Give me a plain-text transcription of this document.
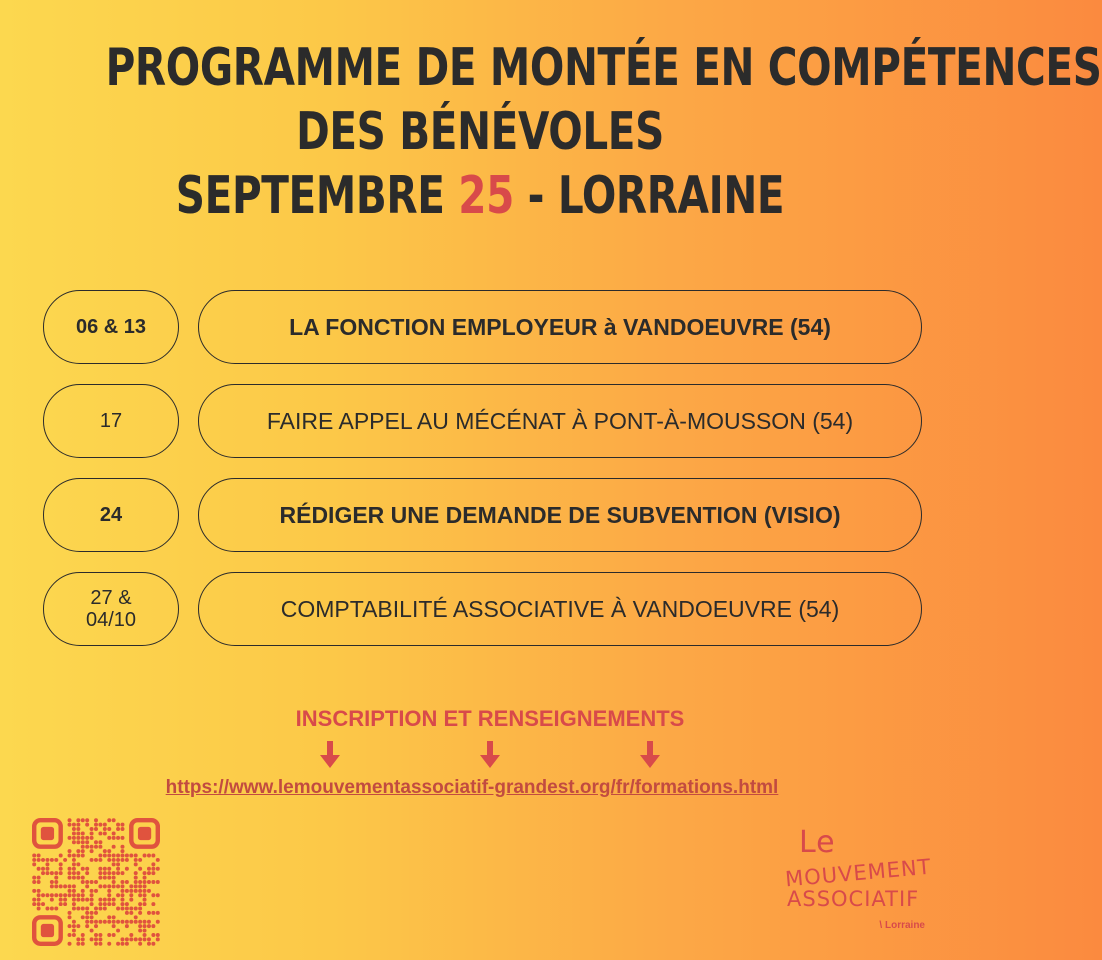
PROGRAMME DE MONTÉE EN COMPÉTENCES
DES BÉNÉVOLES
SEPTEMBRE 25 - LORRAINE
06 & 13	LA FONCTION EMPLOYEUR à VANDOEUVRE (54)
17	FAIRE APPEL AU MÉCÉNAT À PONT-À-MOUSSON (54)
24	RÉDIGER UNE DEMANDE DE SUBVENTION (VISIO)
27 &
04/10	COMPTABILITÉ ASSOCIATIVE À VANDOEUVRE (54)
INSCRIPTION ET RENSEIGNEMENTS
https://www.lemouvementassociatif-grandest.org/fr/formations.html
Le
MOUVEMENT
ASSOCIATIF
\ Lorraine
